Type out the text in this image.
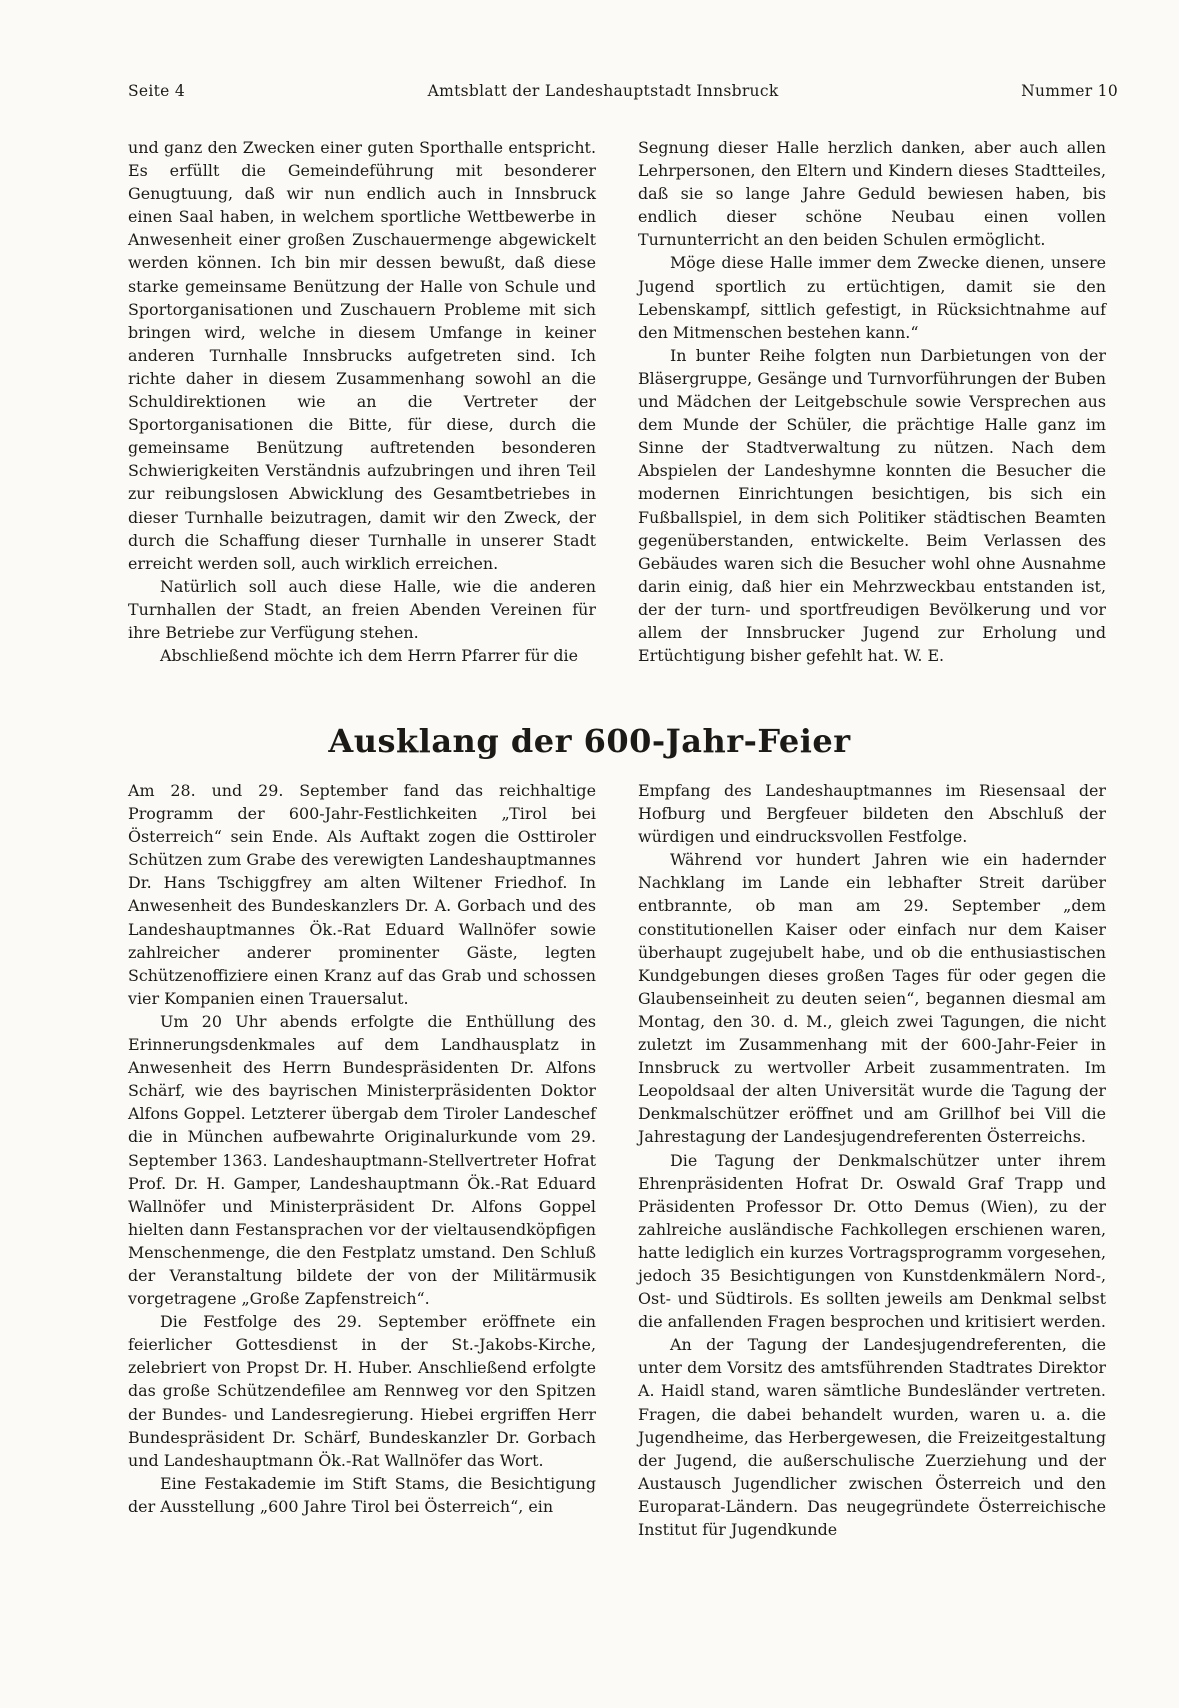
Seite 4	Amtsblatt der Landeshauptstadt Innsbruck	Nummer 10

und ganz den Zwecken einer guten Sporthalle entspricht. Es erfüllt die Gemeindeführung mit besonderer Genugtuung, daß wir nun endlich auch in Innsbruck einen Saal haben, in welchem sportliche Wettbewerbe in Anwesenheit einer großen Zuschauermenge abgewickelt werden können. Ich bin mir dessen bewußt, daß diese starke gemeinsame Benützung der Halle von Schule und Sportorganisationen und Zuschauern Probleme mit sich bringen wird, welche in diesem Umfange in keiner anderen Turnhalle Innsbrucks aufgetreten sind. Ich richte daher in diesem Zusammenhang sowohl an die Schuldirektionen wie an die Vertreter der Sportorganisationen die Bitte, für diese, durch die gemeinsame Benützung auftretenden besonderen Schwierigkeiten Verständnis aufzubringen und ihren Teil zur reibungslosen Abwicklung des Gesamtbetriebes in dieser Turnhalle beizutragen, damit wir den Zweck, der durch die Schaffung dieser Turnhalle in unserer Stadt erreicht werden soll, auch wirklich erreichen.

Natürlich soll auch diese Halle, wie die anderen Turnhallen der Stadt, an freien Abenden Vereinen für ihre Betriebe zur Verfügung stehen.

Abschließend möchte ich dem Herrn Pfarrer für die

Segnung dieser Halle herzlich danken, aber auch allen Lehrpersonen, den Eltern und Kindern dieses Stadtteiles, daß sie so lange Jahre Geduld bewiesen haben, bis endlich dieser schöne Neubau einen vollen Turnunterricht an den beiden Schulen ermöglicht.

Möge diese Halle immer dem Zwecke dienen, unsere Jugend sportlich zu ertüchtigen, damit sie den Lebenskampf, sittlich gefestigt, in Rücksichtnahme auf den Mitmenschen bestehen kann.“

In bunter Reihe folgten nun Darbietungen von der Bläsergruppe, Gesänge und Turnvorführungen der Buben und Mädchen der Leitgebschule sowie Versprechen aus dem Munde der Schüler, die prächtige Halle ganz im Sinne der Stadtverwaltung zu nützen. Nach dem Abspielen der Landeshymne konnten die Besucher die modernen Einrichtungen besichtigen, bis sich ein Fußballspiel, in dem sich Politiker städtischen Beamten gegenüberstanden, entwickelte. Beim Verlassen des Gebäudes waren sich die Besucher wohl ohne Ausnahme darin einig, daß hier ein Mehrzweckbau entstanden ist, der der turn- und sportfreudigen Bevölkerung und vor allem der Innsbrucker Jugend zur Erholung und Ertüchtigung bisher gefehlt hat. W. E.

Ausklang der 600-Jahr-Feier

Am 28. und 29. September fand das reichhaltige Programm der 600-Jahr-Festlichkeiten „Tirol bei Österreich“ sein Ende. Als Auftakt zogen die Osttiroler Schützen zum Grabe des verewigten Landeshauptmannes Dr. Hans Tschiggfrey am alten Wiltener Friedhof. In Anwesenheit des Bundeskanzlers Dr. A. Gorbach und des Landeshauptmannes Ök.-Rat Eduard Wallnöfer sowie zahlreicher anderer prominenter Gäste, legten Schützenoffiziere einen Kranz auf das Grab und schossen vier Kompanien einen Trauersalut.

Um 20 Uhr abends erfolgte die Enthüllung des Erinnerungsdenkmales auf dem Landhausplatz in Anwesenheit des Herrn Bundespräsidenten Dr. Alfons Schärf, wie des bayrischen Ministerpräsidenten Doktor Alfons Goppel. Letzterer übergab dem Tiroler Landeschef die in München aufbewahrte Originalurkunde vom 29. September 1363. Landeshauptmann-Stellvertreter Hofrat Prof. Dr. H. Gamper, Landeshauptmann Ök.-Rat Eduard Wallnöfer und Ministerpräsident Dr. Alfons Goppel hielten dann Festansprachen vor der vieltausendköpfigen Menschenmenge, die den Festplatz umstand. Den Schluß der Veranstaltung bildete der von der Militärmusik vorgetragene „Große Zapfenstreich“.

Die Festfolge des 29. September eröffnete ein feierlicher Gottesdienst in der St.-Jakobs-Kirche, zelebriert von Propst Dr. H. Huber. Anschließend erfolgte das große Schützendefilee am Rennweg vor den Spitzen der Bundes- und Landesregierung. Hiebei ergriffen Herr Bundespräsident Dr. Schärf, Bundeskanzler Dr. Gorbach und Landeshauptmann Ök.-Rat Wallnöfer das Wort.

Eine Festakademie im Stift Stams, die Besichtigung der Ausstellung „600 Jahre Tirol bei Österreich“, ein

Empfang des Landeshauptmannes im Riesensaal der Hofburg und Bergfeuer bildeten den Abschluß der würdigen und eindrucksvollen Festfolge.

Während vor hundert Jahren wie ein hadernder Nachklang im Lande ein lebhafter Streit darüber entbrannte, ob man am 29. September „dem constitutionellen Kaiser oder einfach nur dem Kaiser überhaupt zugejubelt habe, und ob die enthusiastischen Kundgebungen dieses großen Tages für oder gegen die Glaubenseinheit zu deuten seien“, begannen diesmal am Montag, den 30. d. M., gleich zwei Tagungen, die nicht zuletzt im Zusammenhang mit der 600-Jahr-Feier in Innsbruck zu wertvoller Arbeit zusammentraten. Im Leopoldsaal der alten Universität wurde die Tagung der Denkmalschützer eröffnet und am Grillhof bei Vill die Jahrestagung der Landesjugendreferenten Österreichs.

Die Tagung der Denkmalschützer unter ihrem Ehrenpräsidenten Hofrat Dr. Oswald Graf Trapp und Präsidenten Professor Dr. Otto Demus (Wien), zu der zahlreiche ausländische Fachkollegen erschienen waren, hatte lediglich ein kurzes Vortragsprogramm vorgesehen, jedoch 35 Besichtigungen von Kunstdenkmälern Nord-, Ost- und Südtirols. Es sollten jeweils am Denkmal selbst die anfallenden Fragen besprochen und kritisiert werden.

An der Tagung der Landesjugendreferenten, die unter dem Vorsitz des amtsführenden Stadtrates Direktor A. Haidl stand, waren sämtliche Bundesländer vertreten. Fragen, die dabei behandelt wurden, waren u. a. die Jugendheime, das Herbergewesen, die Freizeitgestaltung der Jugend, die außerschulische Zuerziehung und der Austausch Jugendlicher zwischen Österreich und den Europarat-Ländern. Das neugegründete Österreichische Institut für Jugendkunde
